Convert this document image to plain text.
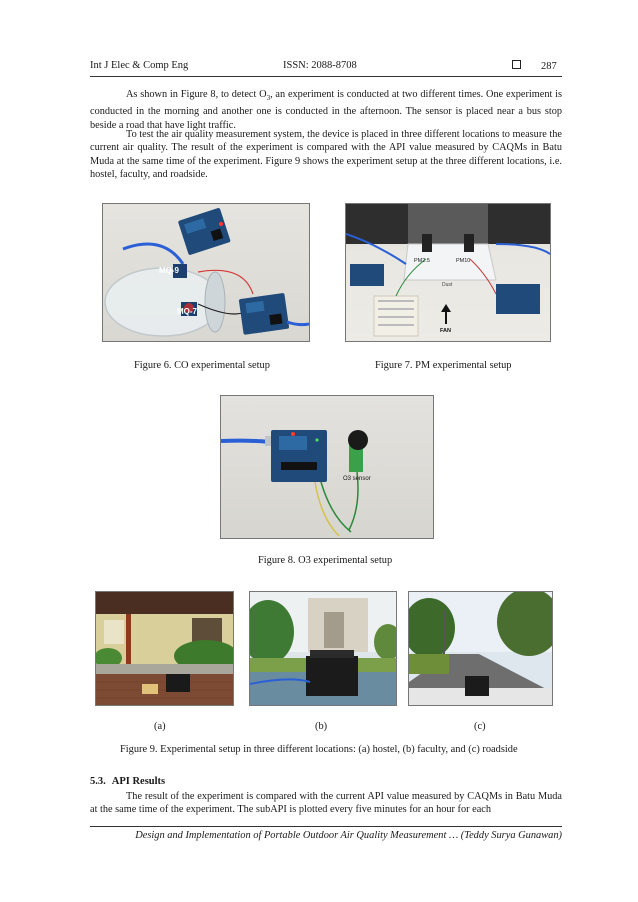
Int J Elec & Comp Eng	ISSN: 2088-8708	287

As shown in Figure 8, to detect $O_3$, an experiment is conducted at two different times. One experiment is conducted in the morning and another one is conducted in the afternoon. The sensor is placed near a bus stop beside a road that have light traffic.

To test the air quality measurement system, the device is placed in three different locations to measure the current air quality. The result of the experiment is compared with the API value measured by CAQMs in Batu Muda at the same time of the experiment. Figure 9 shows the experiment setup at the three different locations, i.e. hostel, faculty, and roadside.

MQ-9
MQ-7
PM2.5	PM10
Dust
FAN
Figure 6. CO experimental setup	Figure 7. PM experimental setup
O3 sensor
Figure 8. O3 experimental setup
(a)	(b)	(c)
Figure 9. Experimental setup in three different locations: (a) hostel, (b) faculty, and (c) roadside
5.3. API Results

The result of the experiment is compared with the current API value measured by CAQMs in Batu Muda at the same time of the experiment. The subAPI is plotted every five minutes for an hour for each

Design and Implementation of Portable Outdoor Air Quality Measurement … (Teddy Surya Gunawan)
